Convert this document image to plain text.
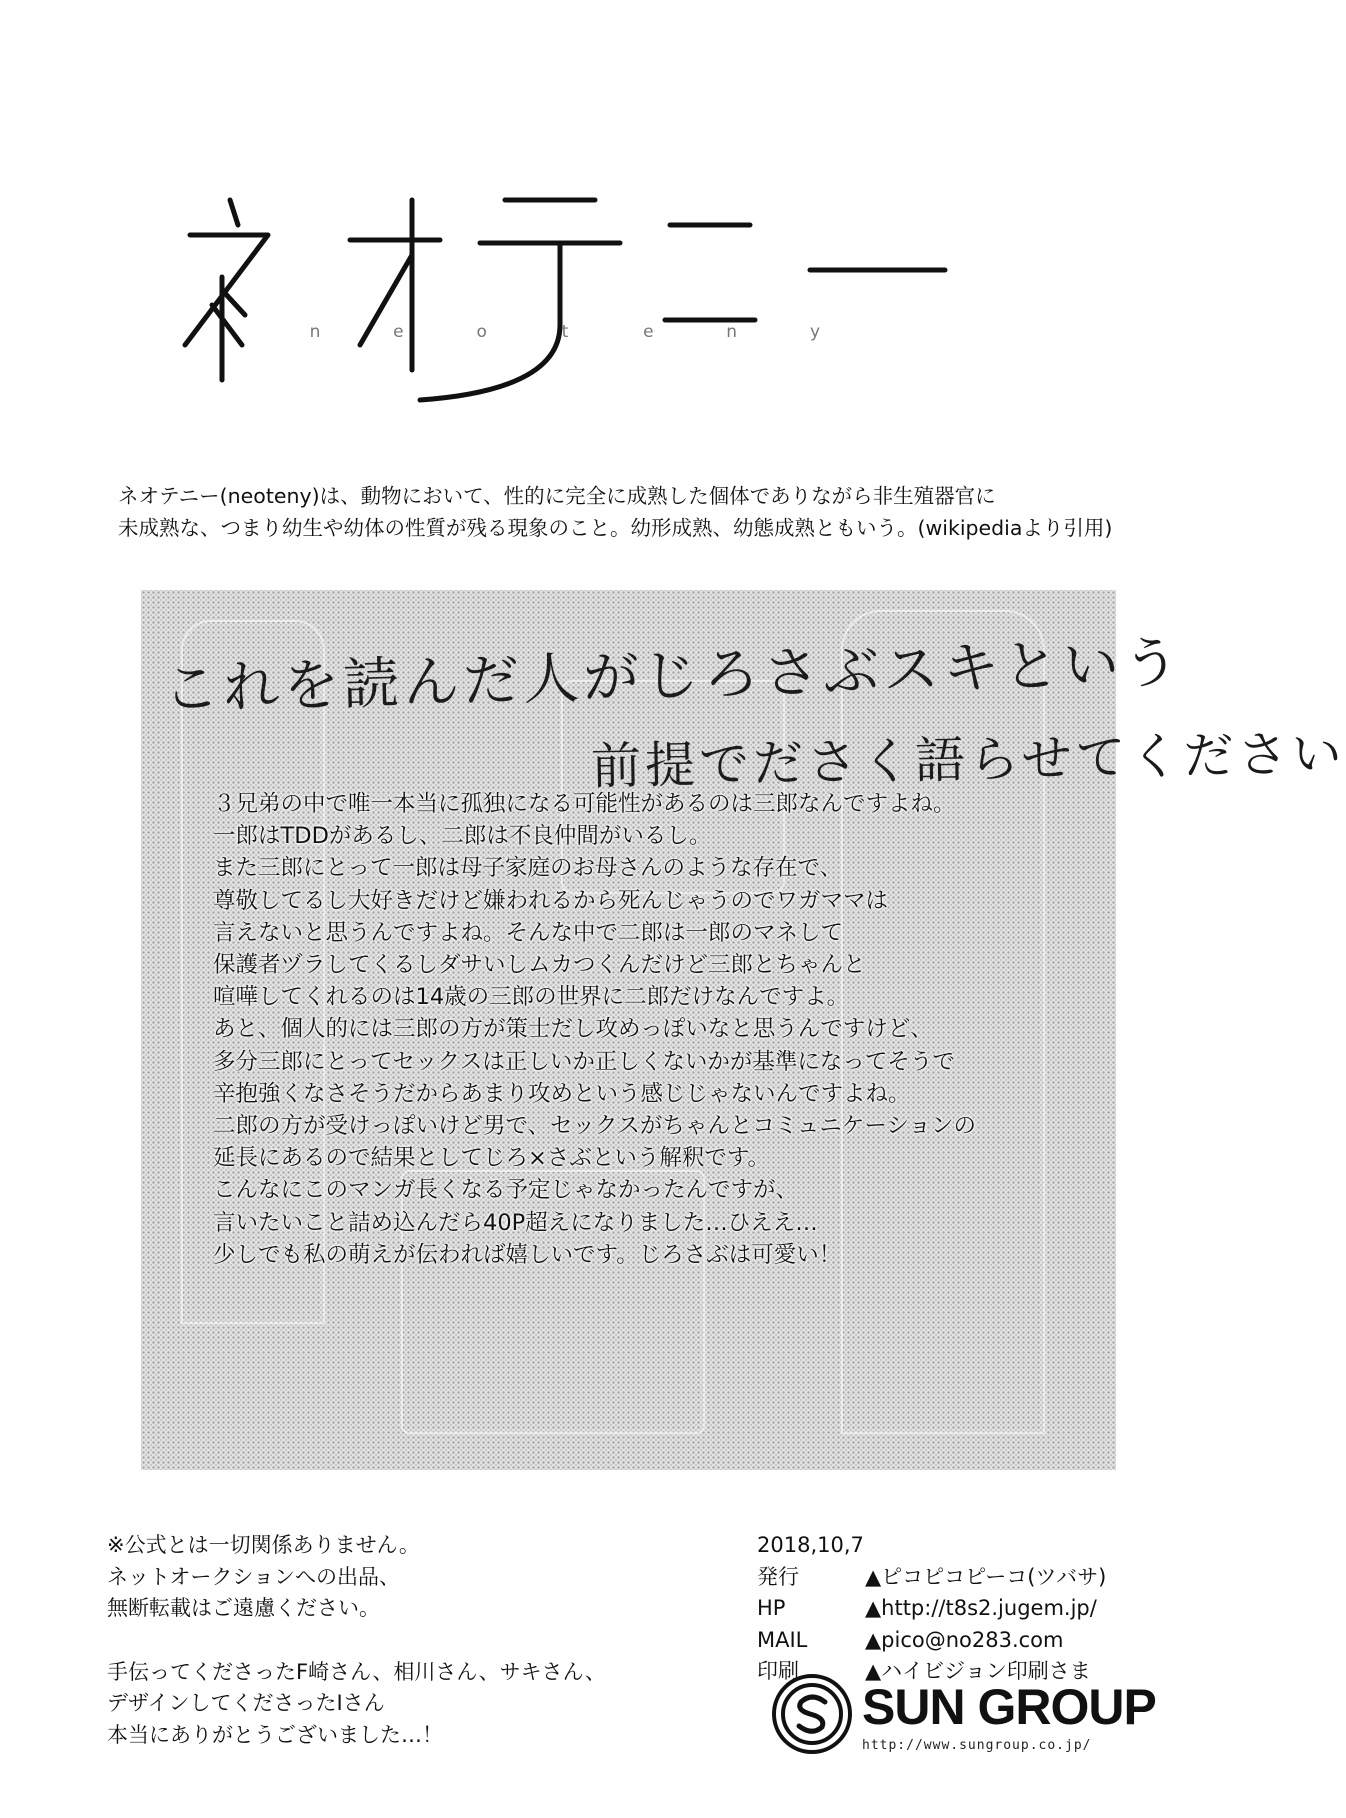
n	e	o	t	e	n	y
ネオテニー(neoteny)は、動物において、性的に完全に成熟した個体でありながら非生殖器官に
未成熟な、つまり幼生や幼体の性質が残る現象のこと。幼形成熟、幼態成熟ともいう。(wikipediaより引用)
これを読んだ人がじろさぶスキという
前提でださく語らせてください
３兄弟の中で唯一本当に孤独になる可能性があるのは三郎なんですよね。
一郎はTDDがあるし、二郎は不良仲間がいるし。
また三郎にとって一郎は母子家庭のお母さんのような存在で、
尊敬してるし大好きだけど嫌われるから死んじゃうのでワガママは
言えないと思うんですよね。そんな中で二郎は一郎のマネして
保護者ヅラしてくるしダサいしムカつくんだけど三郎とちゃんと
喧嘩してくれるのは14歳の三郎の世界に二郎だけなんですよ。
あと、個人的には三郎の方が策士だし攻めっぽいなと思うんですけど、
多分三郎にとってセックスは正しいか正しくないかが基準になってそうで
辛抱強くなさそうだからあまり攻めという感じじゃないんですよね。
二郎の方が受けっぽいけど男で、セックスがちゃんとコミュニケーションの
延長にあるので結果としてじろ×さぶという解釈です。
こんなにこのマンガ長くなる予定じゃなかったんですが、
言いたいこと詰め込んだら40P超えになりました…ひええ…
少しでも私の萌えが伝われば嬉しいです。じろさぶは可愛い！
※公式とは一切関係ありません。
ネットオークションへの出品、
無断転載はご遠慮ください。
手伝ってくださったF崎さん、相川さん、サキさん、
デザインしてくださったIさん
本当にありがとうございました…！
2018,10,7
発行	▲ピコピコピーコ(ツバサ)
HP	▲http://t8s2.jugem.jp/
MAIL	▲pico@no283.com
印刷	▲ハイビジョン印刷さま
SUN GROUP
http://www.sungroup.co.jp/
